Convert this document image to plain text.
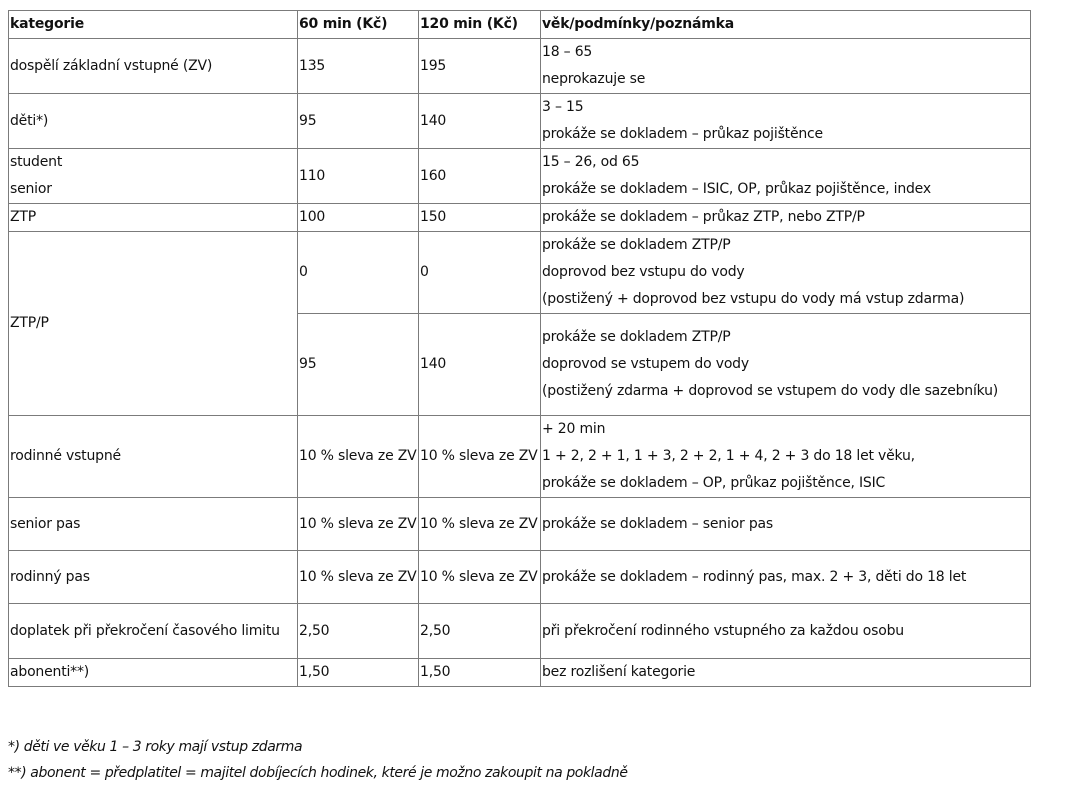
kategorie	60 min (Kč)	120 min (Kč)	věk/podmínky/poznámka

dospělí základní vstupné (ZV)	135	195	18 – 65
neprokazuje se

děti*)	95	140	3 – 15
prokáže se dokladem – průkaz pojištěnce

student
senior	110	160	15 – 26, od 65
prokáže se dokladem – ISIC, OP, průkaz pojištěnce, index

ZTP	100	150	prokáže se dokladem – průkaz ZTP, nebo ZTP/P

ZTP/P	0	0	prokáže se dokladem ZTP/P
doprovod bez vstupu do vody
(postižený + doprovod bez vstupu do vody má vstup zdarma)

	95	140	prokáže se dokladem ZTP/P
doprovod se vstupem do vody
(postižený zdarma + doprovod se vstupem do vody dle sazebníku)

rodinné vstupné	10 % sleva ze ZV	10 % sleva ze ZV	+ 20 min
1 + 2, 2 + 1, 1 + 3, 2 + 2, 1 + 4, 2 + 3 do 18 let věku,
prokáže se dokladem – OP, průkaz pojištěnce, ISIC

senior pas	10 % sleva ze ZV	10 % sleva ze ZV	prokáže se dokladem – senior pas

rodinný pas	10 % sleva ze ZV	10 % sleva ze ZV	prokáže se dokladem – rodinný pas, max. 2 + 3, děti do 18 let

doplatek při překročení časového limitu	2,50	2,50	při překročení rodinného vstupného za každou osobu

abonenti**)	1,50	1,50	bez rozlišení kategorie
*) děti ve věku 1 – 3 roky mají vstup zdarma
**) abonent = předplatitel = majitel dobíjecích hodinek, které je možno zakoupit na pokladně
